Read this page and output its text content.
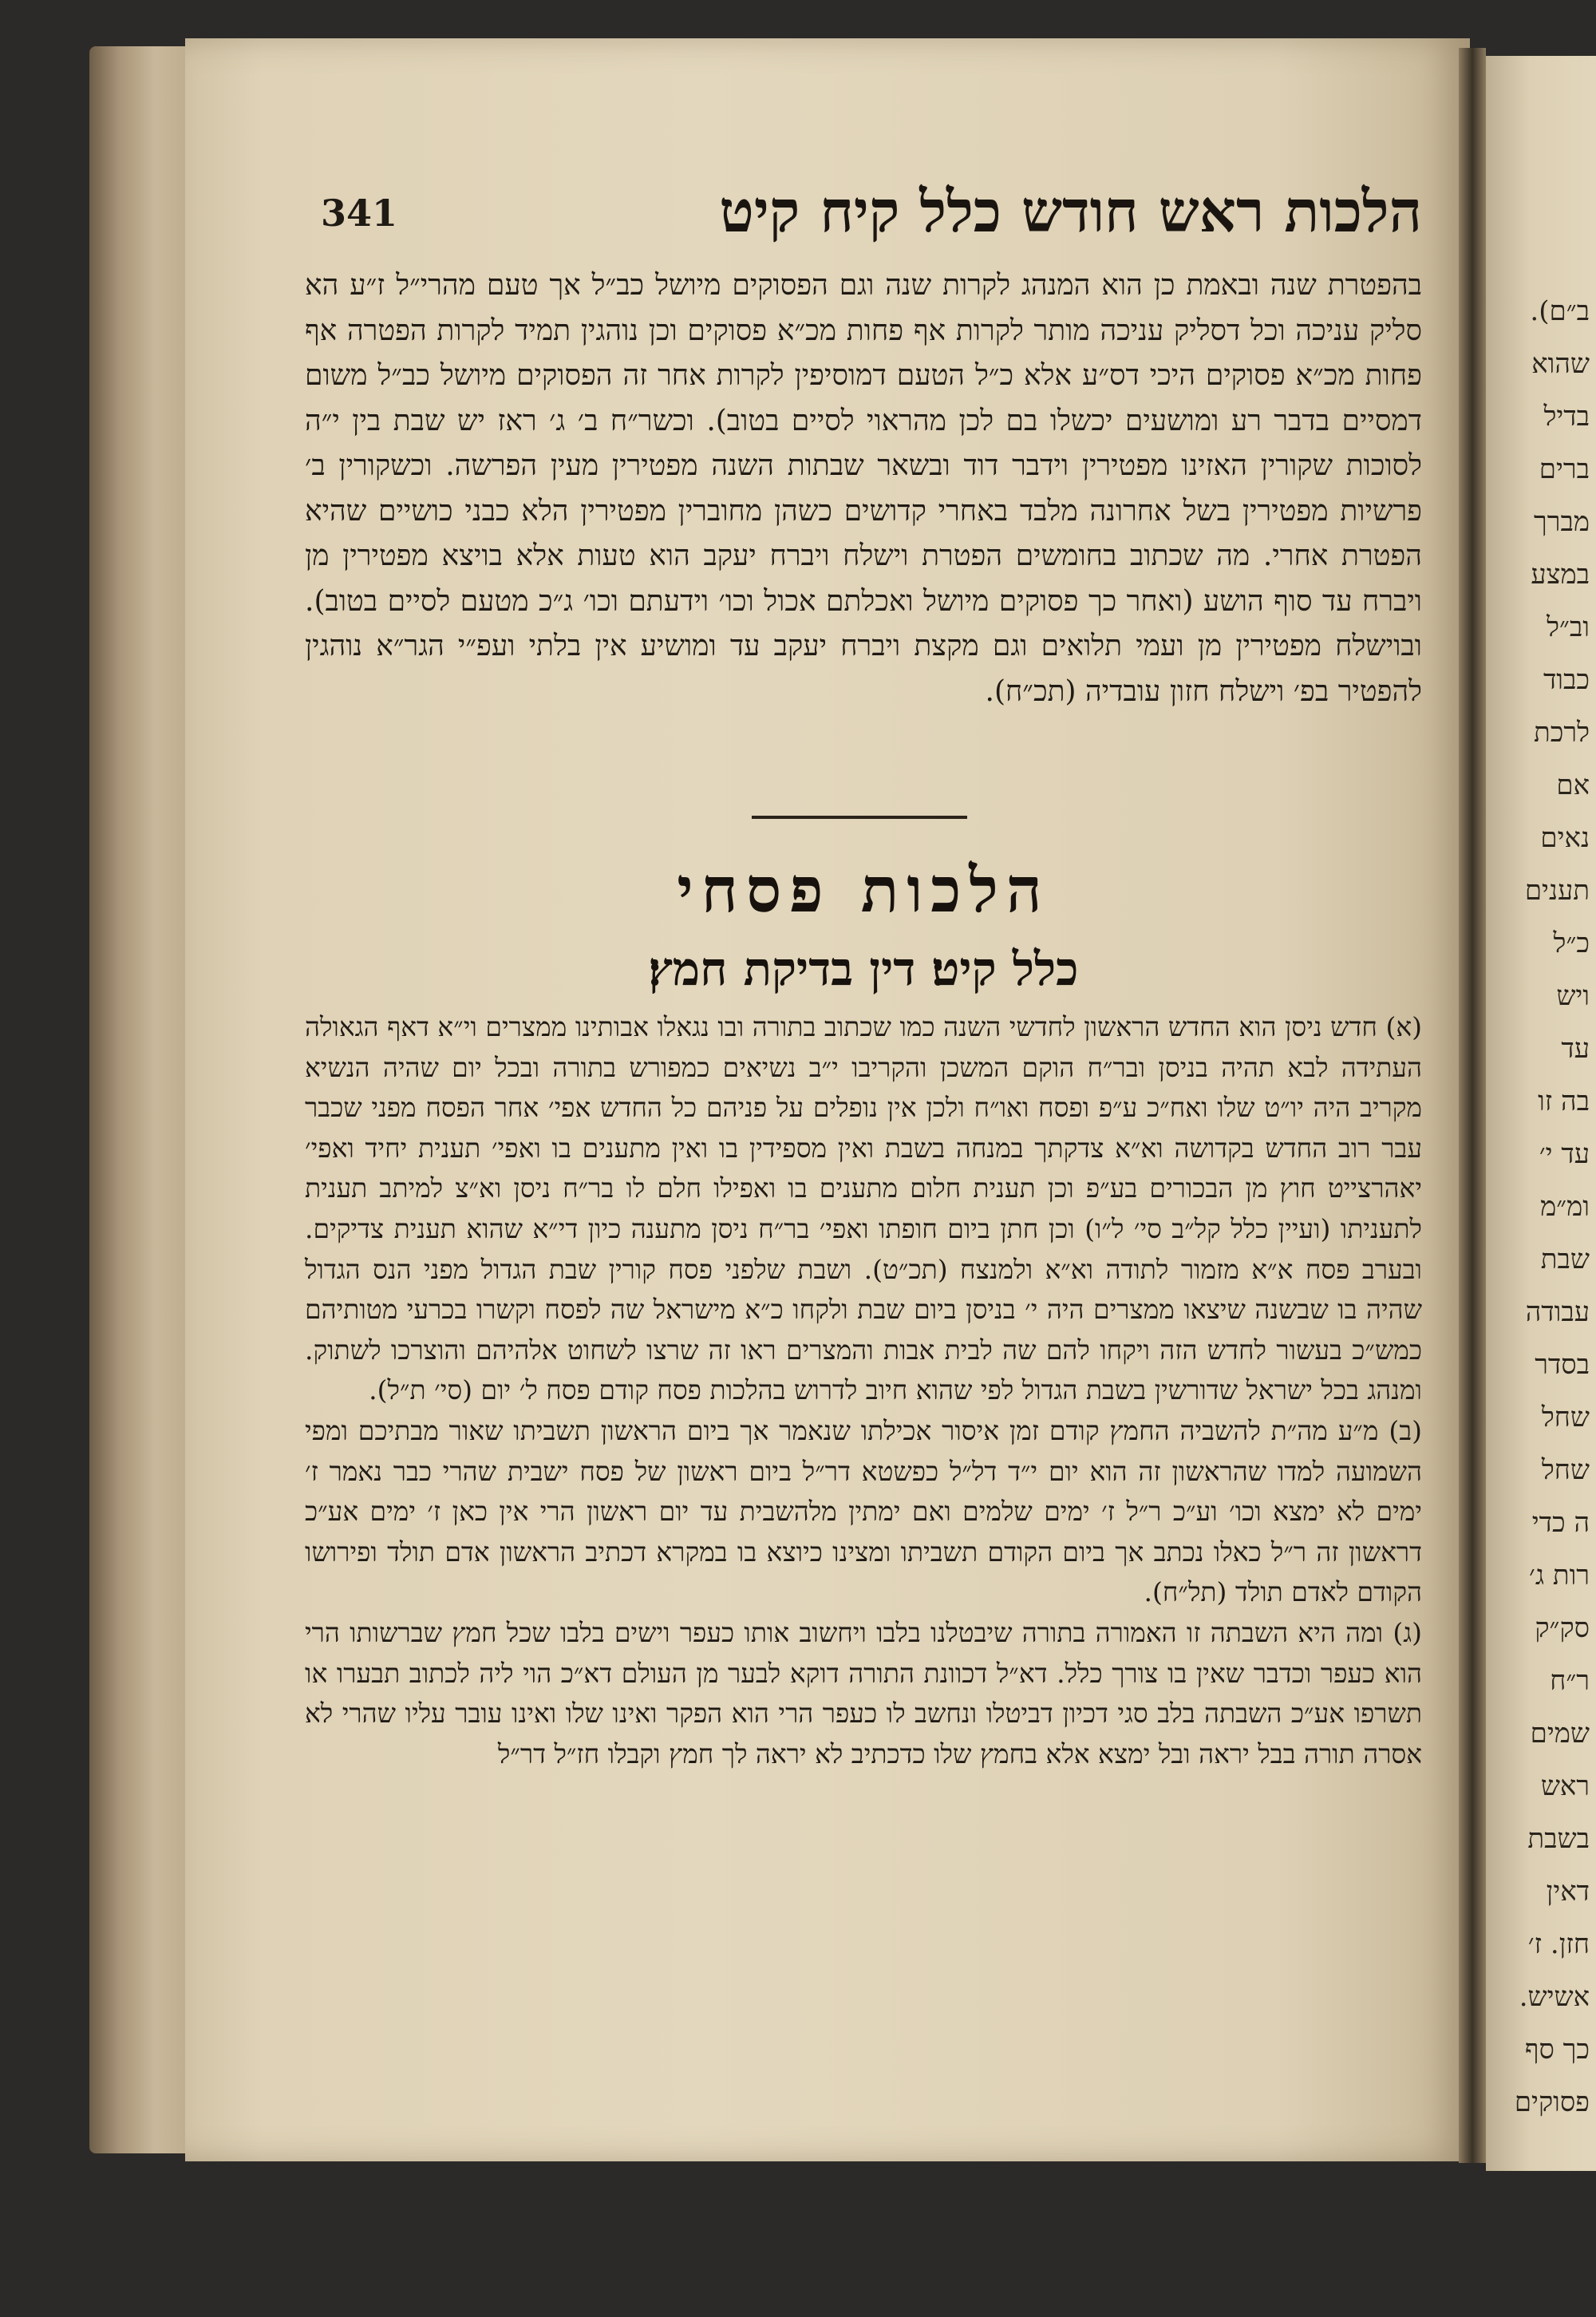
ב״ם).
שהוא
בדיל
ברים
מברך
במצע
וב״ל
כבוד
לרכת
אם
נאים
תענים
כ״ל
ויש
עד
בה זו
עד י׳
ומ״מ
שבת
עבודה
בסדר
שחל
שחל
ה כדי
רות ג׳
סק״ק
ר״ח
שמים
ראש
בשבת
דאין
חזן. ז׳
אשיש.
כך סף
פסוקים
341	הלכות ראש חודש כלל קיח קיט

בהפטרת שנה ובאמת כן הוא המנהג לקרות שנה וגם הפסוקים מיושל כב״ל אך טעם מהרי״ל ז״ע הא סליק עניכה וכל דסליק עניכה מותר לקרות אף פחות מכ״א פסוקים וכן נוהגין תמיד לקרות הפטרה אף פחות מכ״א פסוקים היכי דס״ע אלא כ״ל הטעם דמוסיפין לקרות אחר זה הפסוקים מיושל כב״ל משום דמסיים בדבר רע ומושעים יכשלו בם לכן מהראוי לסיים בטוב). וכשר״ח ב׳ ג׳ ראז יש שבת בין י״ה לסוכות שקורין האזינו מפטירין וידבר דוד ובשאר שבתות השנה מפטירין מעין הפרשה. וכשקורין ב׳ פרשיות מפטירין בשל אחרונה מלבד באחרי קדושים כשהן מחוברין מפטירין הלא כבני כושיים שהיא הפטרת אחרי. מה שכתוב בחומשים הפטרת וישלח ויברח יעקב הוא טעות אלא בויצא מפטירין מן ויברח עד סוף הושע (ואחר כך פסוקים מיושל ואכלתם אכול וכו׳ וידעתם וכו׳ ג״כ מטעם לסיים בטוב). ובוישלח מפטירין מן ועמי תלואים וגם מקצת ויברח יעקב עד ומושיע אין בלתי ועפ״י הגר״א נוהגין להפטיר בפ׳ וישלח חזון עובדיה (תכ״ח).

הלכות פסחי
כלל קיט׃ דין בדיקת חמץ׃

(א) חדש ניסן הוא החדש הראשון לחדשי השנה כמו שכתוב בתורה ובו נגאלו אבותינו ממצרים וי״א דאף הגאולה העתידה לבא תהיה בניסן ובר״ח הוקם המשכן והקריבו י״ב נשיאים כמפורש בתורה ובכל יום שהיה הנשיא מקריב היה יו״ט שלו ואח״כ ע״פ ופסח ואו״ח ולכן אין נופלים על פניהם כל החדש אפי׳ אחר הפסח מפני שכבר עבר רוב החדש בקדושה וא״א צדקתך במנחה בשבת ואין מספידין בו ואין מתענים בו ואפי׳ תענית יחיד ואפי׳ יאהרצייט חוץ מן הבכורים בע״פ וכן תענית חלום מתענים בו ואפילו חלם לו בר״ח ניסן וא״צ למיתב תענית לתעניתו (ועיין כלל קל״ב סי׳ ל״ו) וכן חתן ביום חופתו ואפי׳ בר״ח ניסן מתענה כיון די״א שהוא תענית צדיקים. ובערב פסח א״א מזמור לתודה וא״א ולמנצח (תכ״ט). ושבת שלפני פסח קורין שבת הגדול מפני הנס הגדול שהיה בו שבשנה שיצאו ממצרים היה י׳ בניסן ביום שבת ולקחו כ״א מישראל שה לפסח וקשרו בכרעי מטותיהם כמש״כ בעשור לחדש הזה ויקחו להם שה לבית אבות והמצרים ראו זה שרצו לשחוט אלהיהם והוצרכו לשתוק. ומנהג בכל ישראל שדורשין בשבת הגדול לפי שהוא חיוב לדרוש בהלכות פסח קודם פסח ל׳ יום (סי׳ ת״ל).

(ב) מ״ע מה״ת להשביה החמץ קודם זמן איסור אכילתו שנאמר אך ביום הראשון תשביתו שאור מבתיכם ומפי השמועה למדו שהראשון זה הוא יום י״ד דל״ל כפשטא דר״ל ביום ראשון של פסח ישבית שהרי כבר נאמר ז׳ ימים לא ימצא וכו׳ וע״כ ר״ל ז׳ ימים שלמים ואם ימתין מלהשבית עד יום ראשון הרי אין כאן ז׳ ימים אע״כ דראשון זה ר״ל כאלו נכתב אך ביום הקודם תשביתו ומצינו כיוצא בו במקרא דכתיב הראשון אדם תולד ופירושו הקודם לאדם תולד (תל״ח).

(ג) ומה היא השבתה זו האמורה בתורה שיבטלנו בלבו ויחשוב אותו כעפר וישים בלבו שכל חמץ שברשותו הרי הוא כעפר וכדבר שאין בו צורך כלל. דא״ל דכוונת התורה דוקא לבער מן העולם דא״כ הוי ליה לכתוב תבערו או תשרפו אע״כ השבתה בלב סגי דכיון דביטלו ונחשב לו כעפר הרי הוא הפקר ואינו שלו ואינו עובר עליו שהרי לא אסרה תורה בבל יראה ובל ימצא אלא בחמץ שלו כדכתיב לא יראה לך חמץ וקבלו חז״ל דר״ל
